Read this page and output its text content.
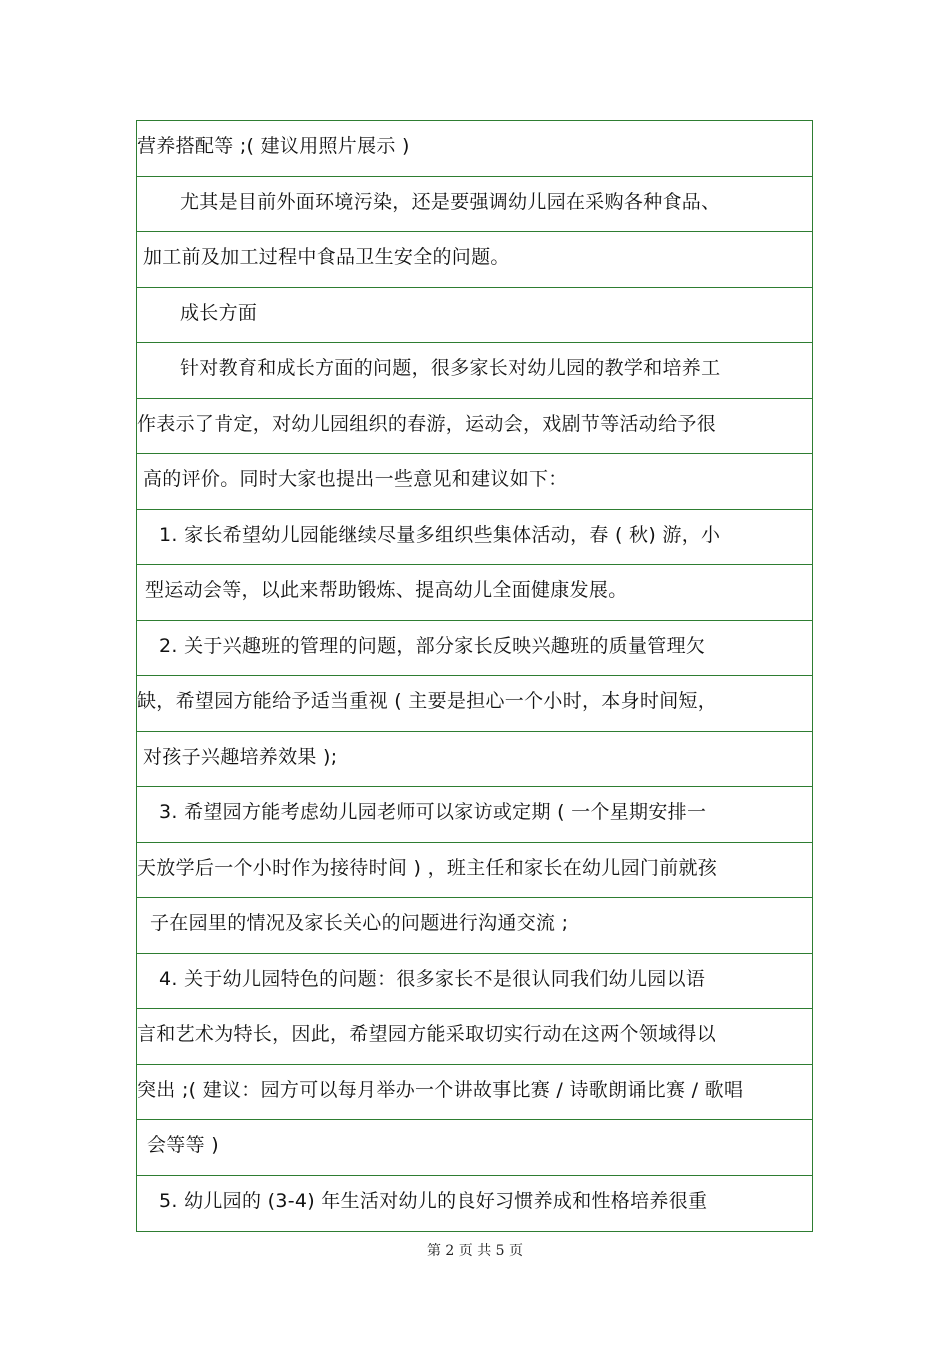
营养搭配等 ;( 建议用照片展示 )
尤其是目前外面环境污染，还是要强调幼儿园在采购各种食品、
加工前及加工过程中食品卫生安全的问题。
成长方面
针对教育和成长方面的问题，很多家长对幼儿园的教学和培养工
作表示了肯定，对幼儿园组织的春游，运动会，戏剧节等活动给予很
高的评价。同时大家也提出一些意见和建议如下：
1. 家长希望幼儿园能继续尽量多组织些集体活动，春 ( 秋) 游，小
型运动会等，以此来帮助锻炼、提高幼儿全面健康发展。
2. 关于兴趣班的管理的问题，部分家长反映兴趣班的质量管理欠
缺，希望园方能给予适当重视 ( 主要是担心一个小时，本身时间短，
对孩子兴趣培养效果 );
3. 希望园方能考虑幼儿园老师可以家访或定期 ( 一个星期安排一
天放学后一个小时作为接待时间 ) ，班主任和家长在幼儿园门前就孩
子在园里的情况及家长关心的问题进行沟通交流 ;
4. 关于幼儿园特色的问题：很多家长不是很认同我们幼儿园以语
言和艺术为特长，因此，希望园方能采取切实行动在这两个领域得以
突出 ;( 建议：园方可以每月举办一个讲故事比赛 / 诗歌朗诵比赛 / 歌唱
会等等 )
5. 幼儿园的 (3-4) 年生活对幼儿的良好习惯养成和性格培养很重
第 2 页 共 5 页
